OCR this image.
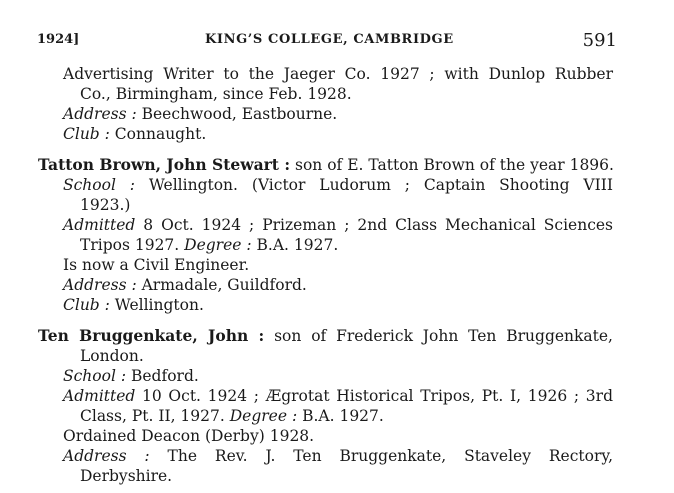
1924]	KING’S COLLEGE, CAMBRIDGE	591
Advertising Writer to the Jaeger Co. 1927 ; with Dunlop Rubber
Co., Birmingham, since Feb. 1928.
Address : Beechwood, Eastbourne.
Club : Connaught.
Tatton Brown, John Stewart : son of E. Tatton Brown of the year 1896.
School : Wellington. (Victor Ludorum ; Captain Shooting VIII
1923.)
Admitted 8 Oct. 1924 ; Prizeman ; 2nd Class Mechanical Sciences
Tripos 1927. Degree : B.A. 1927.
Is now a Civil Engineer.
Address : Armadale, Guildford.
Club : Wellington.
Ten Bruggenkate, John : son of Frederick John Ten Bruggenkate,
London.
School : Bedford.
Admitted 10 Oct. 1924 ; Ægrotat Historical Tripos, Pt. I, 1926 ; 3rd
Class, Pt. II, 1927. Degree : B.A. 1927.
Ordained Deacon (Derby) 1928.
Address : The Rev. J. Ten Bruggenkate, Staveley Rectory,
Derbyshire.
